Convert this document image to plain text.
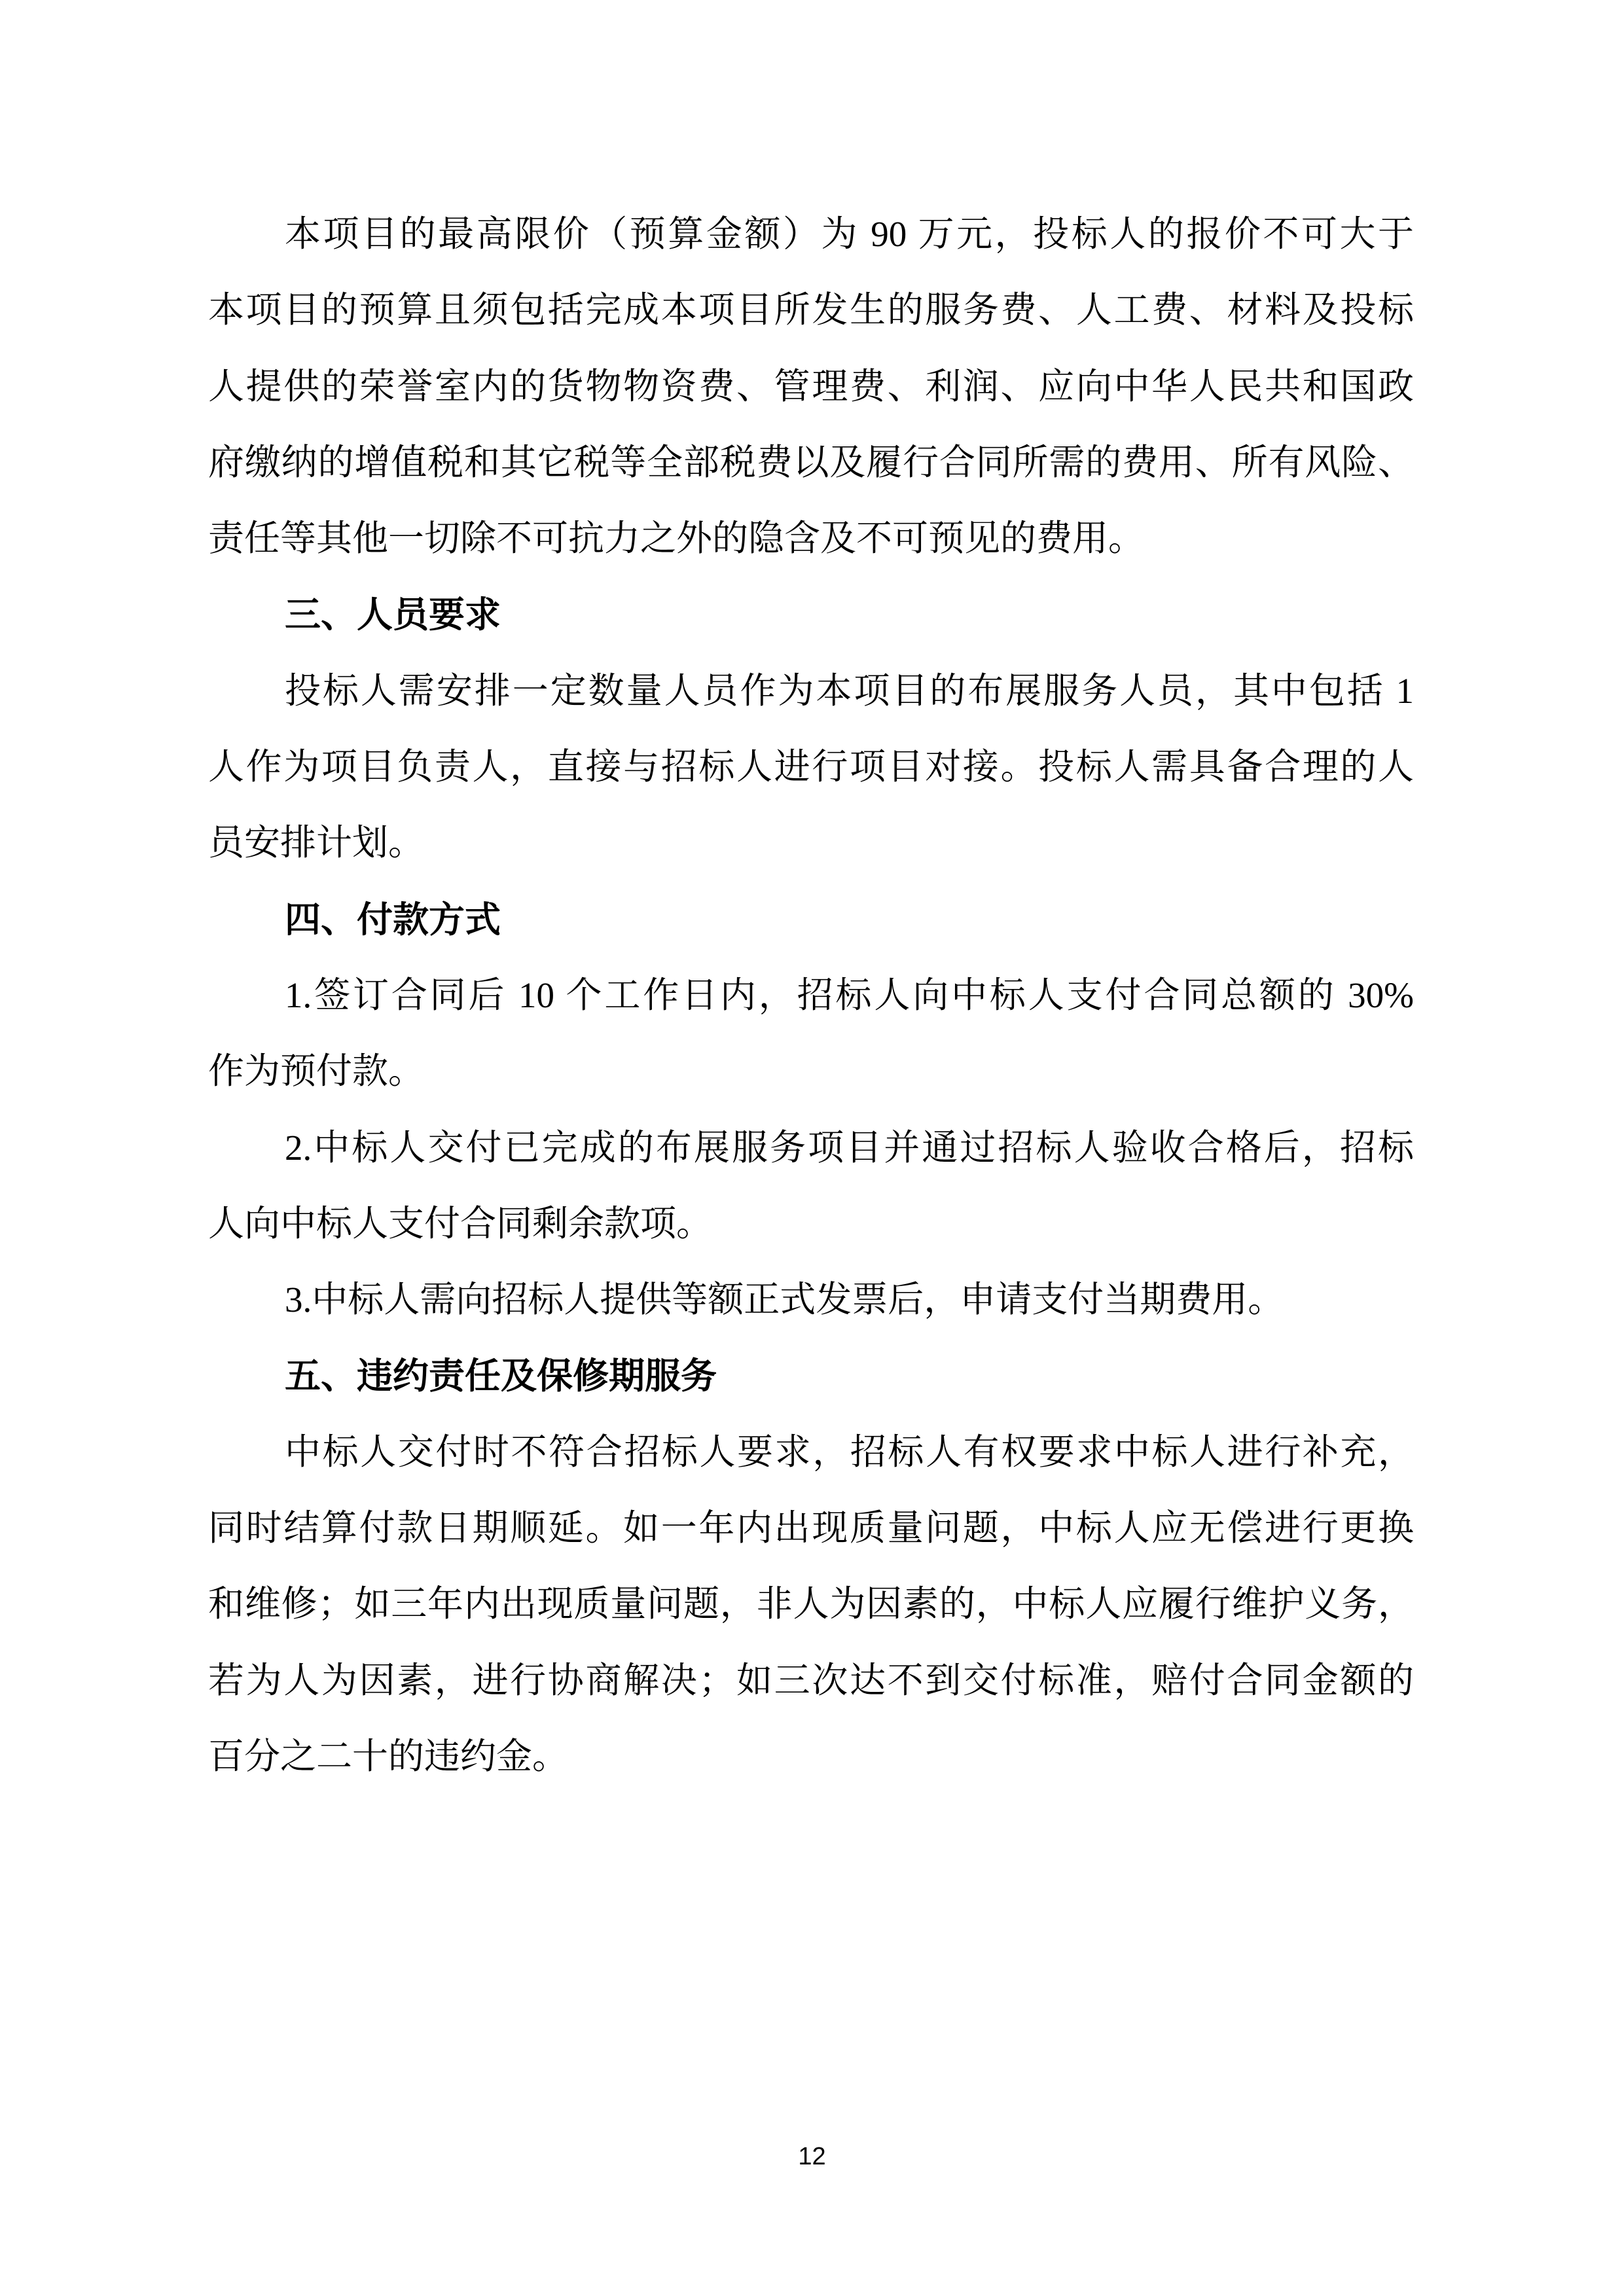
本项目的最高限价（预算金额）为 90 万元，投标人的报价不可大于
本项目的预算且须包括完成本项目所发生的服务费、人工费、材料及投标
人提供的荣誉室内的货物物资费、管理费、利润、应向中华人民共和国政
府缴纳的增值税和其它税等全部税费以及履行合同所需的费用、所有风险、
责任等其他一切除不可抗力之外的隐含及不可预见的费用。
三、人员要求
投标人需安排一定数量人员作为本项目的布展服务人员，其中包括 1
人作为项目负责人，直接与招标人进行项目对接。投标人需具备合理的人
员安排计划。
四、付款方式
1.签订合同后 10 个工作日内，招标人向中标人支付合同总额的 30%
作为预付款。
2.中标人交付已完成的布展服务项目并通过招标人验收合格后，招标
人向中标人支付合同剩余款项。
3.中标人需向招标人提供等额正式发票后，申请支付当期费用。
五、违约责任及保修期服务
中标人交付时不符合招标人要求，招标人有权要求中标人进行补充，
同时结算付款日期顺延。如一年内出现质量问题，中标人应无偿进行更换
和维修；如三年内出现质量问题，非人为因素的，中标人应履行维护义务，
若为人为因素，进行协商解决；如三次达不到交付标准，赔付合同金额的
百分之二十的违约金。
12
